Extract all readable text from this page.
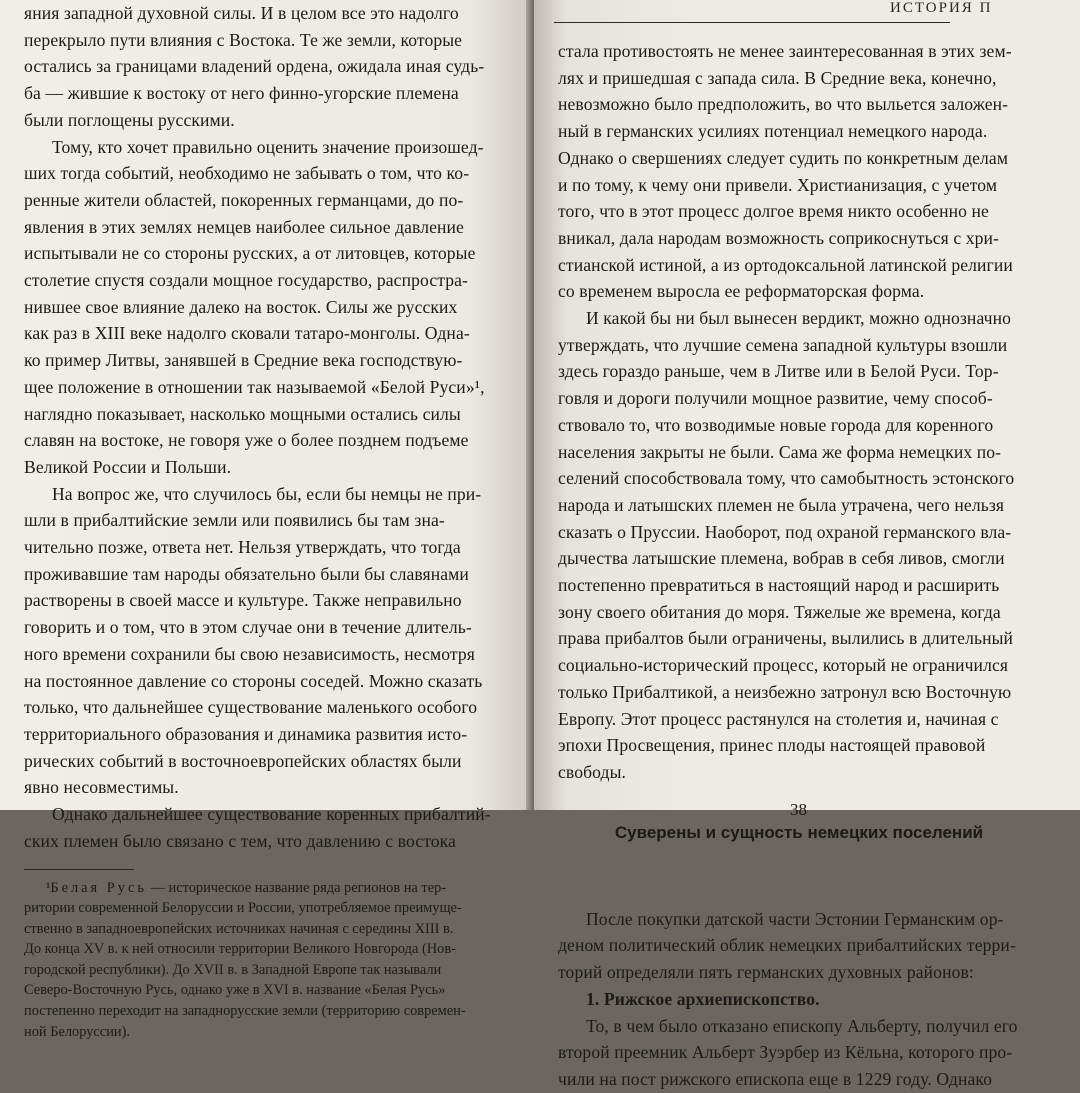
яния западной духовной силы. И в целом все это надолго
перекрыло пути влияния с Востока. Те же земли, которые
остались за границами владений ордена, ожидала иная судь-
ба — жившие к востоку от него финно-угорские племена
были поглощены русскими.
Тому, кто хочет правильно оценить значение произошед-
ших тогда событий, необходимо не забывать о том, что ко-
ренные жители областей, покоренных германцами, до по-
явления в этих землях немцев наиболее сильное давление
испытывали не со стороны русских, а от литовцев, которые
столетие спустя создали мощное государство, распростра-
нившее свое влияние далеко на восток. Силы же русских
как раз в XIII веке надолго сковали татаро-монголы. Одна-
ко пример Литвы, занявшей в Средние века господствую-
щее положение в отношении так называемой «Белой Руси»¹,
наглядно показывает, насколько мощными остались силы
славян на востоке, не говоря уже о более позднем подъеме
Великой России и Польши.
На вопрос же, что случилось бы, если бы немцы не при-
шли в прибалтийские земли или появились бы там зна-
чительно позже, ответа нет. Нельзя утверждать, что тогда
проживавшие там народы обязательно были бы славянами
растворены в своей массе и культуре. Также неправильно
говорить и о том, что в этом случае они в течение длитель-
ного времени сохранили бы свою независимость, несмотря
на постоянное давление со стороны соседей. Можно сказать
только, что дальнейшее существование маленького особого
территориального образования и динамика развития исто-
рических событий в восточноевропейских областях были
явно несовместимы.
Однако дальнейшее существование коренных прибалтий-
ских племен было связано с тем, что давлению с востока
¹Белая Русь — историческое название ряда регионов на тер-
ритории современной Белоруссии и России, употребляемое преимуще-
ственно в западноевропейских источниках начиная с середины XIII в.
До конца XV в. к ней относили территории Великого Новгорода (Нов-
городской республики). До XVII в. в Западной Европе так называли
Северо-Восточную Русь, однако уже в XVI в. название «Белая Русь»
постепенно переходит на западнорусские земли (территорию современ-
ной Белоруссии).
ИСТОРИЯ П
стала противостоять не менее заинтересованная в этих зем-
лях и пришедшая с запада сила. В Средние века, конечно,
невозможно было предположить, во что выльется заложен-
ный в германских усилиях потенциал немецкого народа.
Однако о свершениях следует судить по конкретным делам
и по тому, к чему они привели. Христианизация, с учетом
того, что в этот процесс долгое время никто особенно не
вникал, дала народам возможность соприкоснуться с хри-
стианской истиной, а из ортодоксальной латинской религии
со временем выросла ее реформаторская форма.
И какой бы ни был вынесен вердикт, можно однозначно
утверждать, что лучшие семена западной культуры взошли
здесь гораздо раньше, чем в Литве или в Белой Руси. Тор-
говля и дороги получили мощное развитие, чему способ-
ствовало то, что возводимые новые города для коренного
населения закрыты не были. Сама же форма немецких по-
селений способствовала тому, что самобытность эстонского
народа и латышских племен не была утрачена, чего нельзя
сказать о Пруссии. Наоборот, под охраной германского вла-
дычества латышские племена, вобрав в себя ливов, смогли
постепенно превратиться в настоящий народ и расширить
зону своего обитания до моря. Тяжелые же времена, когда
права прибалтов были ограничены, вылились в длительный
социально-исторический процесс, который не ограничился
только Прибалтикой, а неизбежно затронул всю Восточную
Европу. Этот процесс растянулся на столетия и, начиная с
эпохи Просвещения, принес плоды настоящей правовой
свободы.
Суверены и сущность немецких поселений
После покупки датской части Эстонии Германским ор-
деном политический облик немецких прибалтийских терри-
торий определяли пять германских духовных районов:
1. Рижское архиепископство.
То, в чем было отказано епископу Альберту, получил его
второй преемник Альберт Зуэрбер из Кёльна, которого про-
чили на пост рижского епископа еще в 1229 году. Однако
38
